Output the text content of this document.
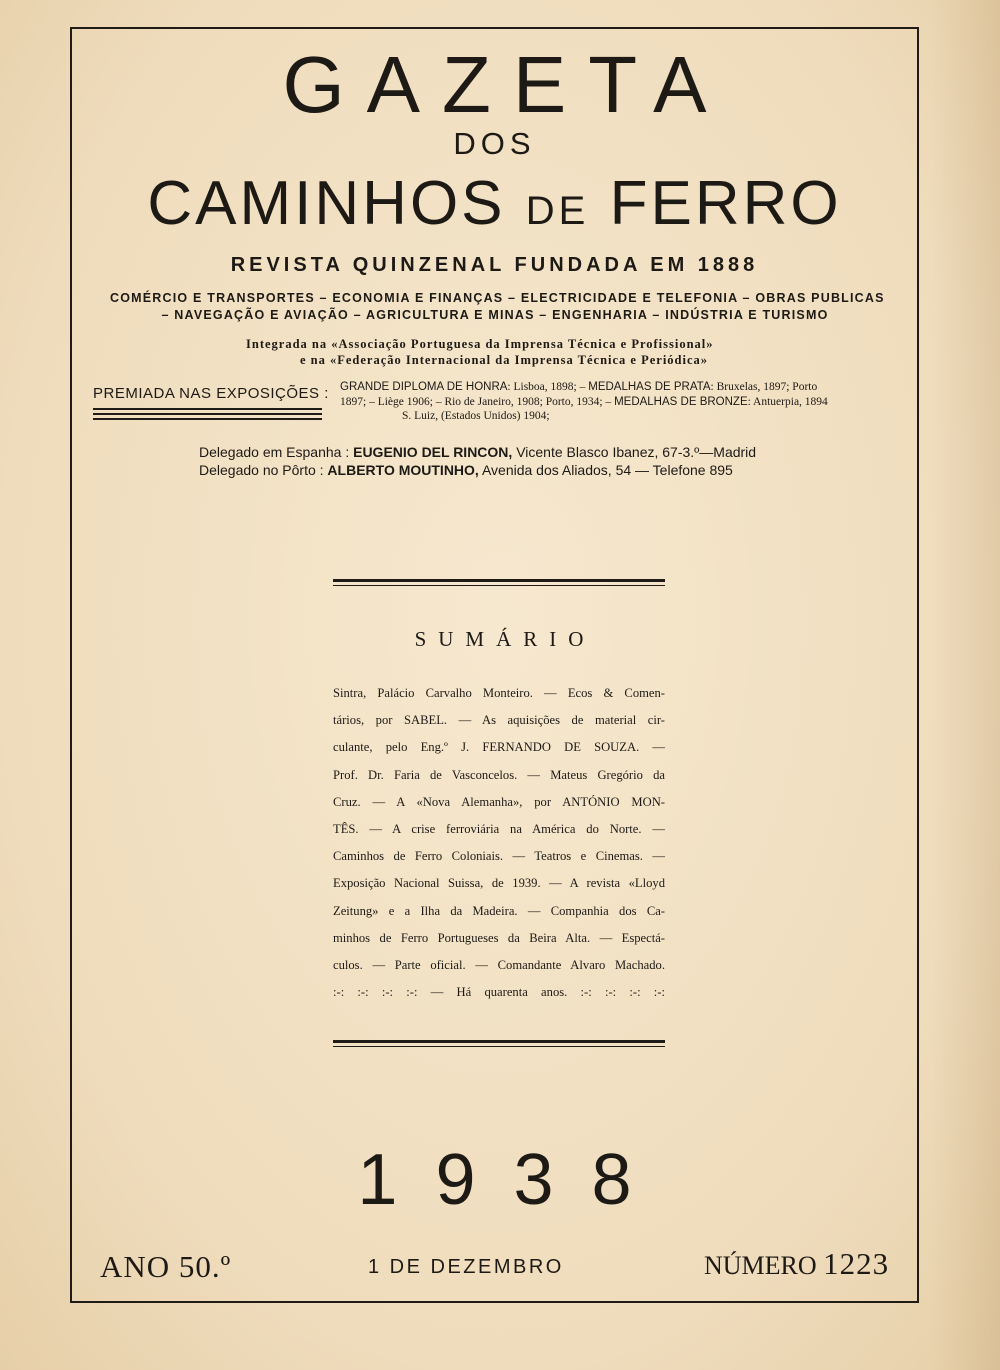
GAZETA
DOS
CAMINHOS DE FERRO
REVISTA QUINZENAL FUNDADA EM 1888
COMÉRCIO E TRANSPORTES – ECONOMIA E FINANÇAS – ELECTRICIDADE E TELEFONIA – OBRAS PUBLICAS
– NAVEGAÇÃO E AVIAÇÃO – AGRICULTURA E MINAS – ENGENHARIA – INDÚSTRIA E TURISMO
Integrada na «Associação Portuguesa da Imprensa Técnica e Profissional»
e na «Federação Internacional da Imprensa Técnica e Periódica»
PREMIADA NAS EXPOSIÇÕES : GRANDE DIPLOMA DE HONRA: Lisboa, 1898; – MEDALHAS DE PRATA: Bruxelas, 1897; Porto
1897; – Liège 1906; – Rio de Janeiro, 1908; Porto, 1934; – MEDALHAS DE BRONZE: Antuerpia, 1894
S. Luiz, (Estados Unidos) 1904;
Delegado em Espanha : EUGENIO DEL RINCON, Vicente Blasco Ibanez, 67-3.º—Madrid
Delegado no Pôrto : ALBERTO MOUTINHO, Avenida dos Aliados, 54 — Telefone 895
SUMÁRIO
Sintra, Palácio Carvalho Monteiro. — Ecos & Comen-
tários, por SABEL. — As aquisições de material cir-
culante, pelo Eng.º J. FERNANDO DE SOUZA. —
Prof. Dr. Faria de Vasconcelos. — Mateus Gregório da
Cruz. — A «Nova Alemanha», por ANTÓNIO MON-
TÊS. — A crise ferroviária na América do Norte. —
Caminhos de Ferro Coloniais. — Teatros e Cinemas. —
Exposição Nacional Suissa, de 1939. — A revista «Lloyd
Zeitung» e a Ilha da Madeira. — Companhia dos Ca-
minhos de Ferro Portugueses da Beira Alta. — Espectá-
culos. — Parte oficial. — Comandante Alvaro Machado.
:-: :-: :-: :-: — Há quarenta anos. :-: :-: :-: :-:
1938
ANO 50.º	1 DE DEZEMBRO	NÚMERO 1223
